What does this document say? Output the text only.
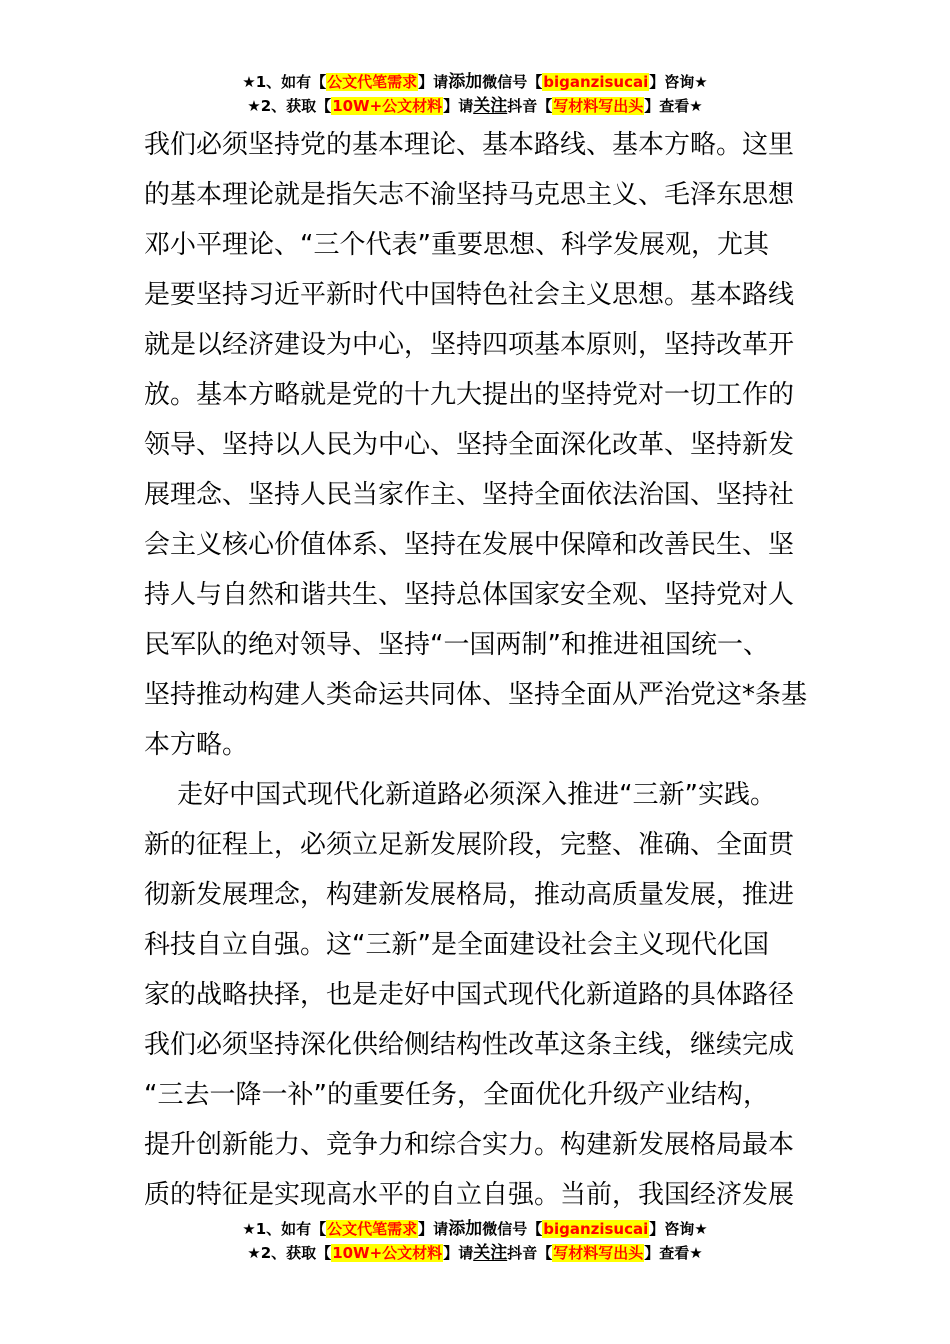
★1、如有【公文代笔需求】请添加微信号【biganzisucai】咨询★
★2、获取【10W+公文材料】请关注抖音【写材料写出头】查看★

我们必须坚持党的基本理论、基本路线、基本方略。这里

的基本理论就是指矢志不渝坚持马克思主义、毛泽东思想

邓小平理论、“三个代表”重要思想、科学发展观，尤其

是要坚持习近平新时代中国特色社会主义思想。基本路线

就是以经济建设为中心，坚持四项基本原则，坚持改革开

放。基本方略就是党的十九大提出的坚持党对一切工作的

领导、坚持以人民为中心、坚持全面深化改革、坚持新发

展理念、坚持人民当家作主、坚持全面依法治国、坚持社

会主义核心价值体系、坚持在发展中保障和改善民生、坚

持人与自然和谐共生、坚持总体国家安全观、坚持党对人

民军队的绝对领导、坚持“一国两制”和推进祖国统一、

坚持推动构建人类命运共同体、坚持全面从严治党这*条基

本方略。

走好中国式现代化新道路必须深入推进“三新”实践。

新的征程上，必须立足新发展阶段，完整、准确、全面贯

彻新发展理念，构建新发展格局，推动高质量发展，推进

科技自立自强。这“三新”是全面建设社会主义现代化国

家的战略抉择，也是走好中国式现代化新道路的具体路径

我们必须坚持深化供给侧结构性改革这条主线，继续完成

“三去一降一补”的重要任务，全面优化升级产业结构，

提升创新能力、竞争力和综合实力。构建新发展格局最本

质的特征是实现高水平的自立自强。当前，我国经济发展

★1、如有【公文代笔需求】请添加微信号【biganzisucai】咨询★
★2、获取【10W+公文材料】请关注抖音【写材料写出头】查看★
